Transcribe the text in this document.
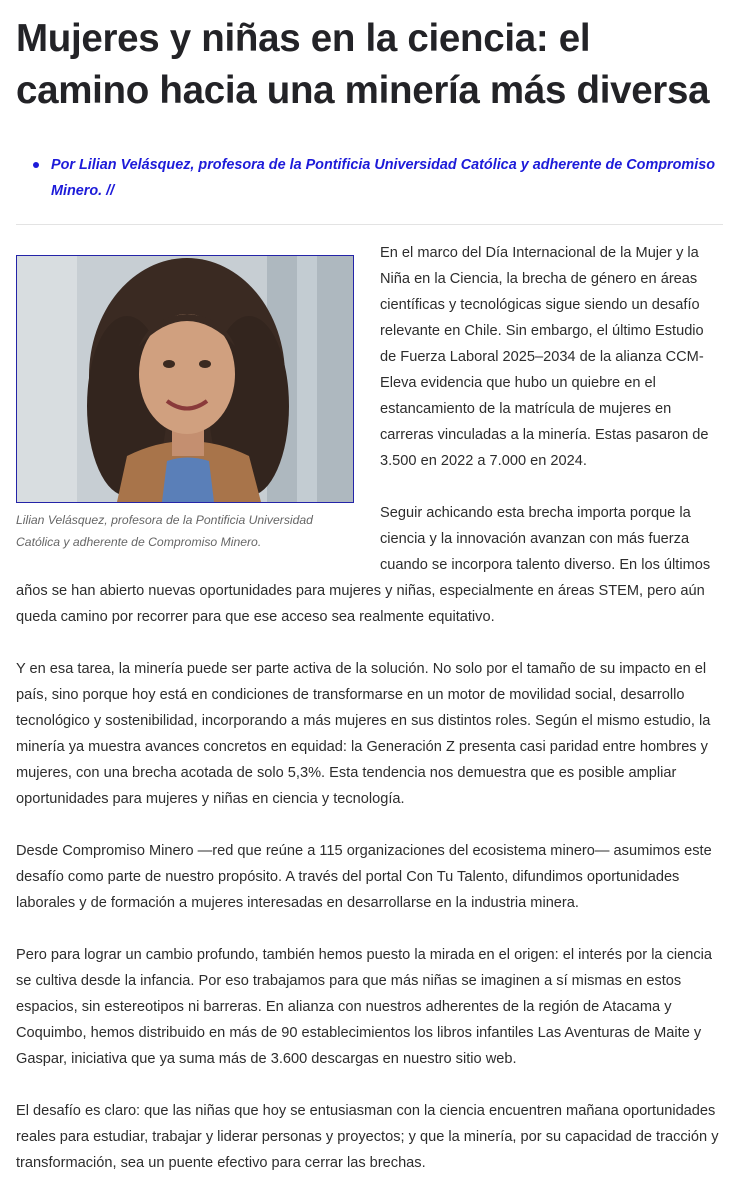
Mujeres y niñas en la ciencia: el camino hacia una minería más diversa
Por Lilian Velásquez, profesora de la Pontificia Universidad Católica y adherente de Compromiso Minero. //
Lilian Velásquez, profesora de la Pontificia Universidad Católica y adherente de Compromiso Minero.

En el marco del Día Internacional de la Mujer y la Niña en la Ciencia, la brecha de género en áreas científicas y tecnológicas sigue siendo un desafío relevante en Chile. Sin embargo, el último Estudio de Fuerza Laboral 2025–2034 de la alianza CCM-Eleva evidencia que hubo un quiebre en el estancamiento de la matrícula de mujeres en carreras vinculadas a la minería. Estas pasaron de 3.500 en 2022 a 7.000 en 2024.

Seguir achicando esta brecha importa porque la ciencia y la innovación avanzan con más fuerza cuando se incorpora talento diverso. En los últimos años se han abierto nuevas oportunidades para mujeres y niñas, especialmente en áreas STEM, pero aún queda camino por recorrer para que ese acceso sea realmente equitativo.

Y en esa tarea, la minería puede ser parte activa de la solución. No solo por el tamaño de su impacto en el país, sino porque hoy está en condiciones de transformarse en un motor de movilidad social, desarrollo tecnológico y sostenibilidad, incorporando a más mujeres en sus distintos roles. Según el mismo estudio, la minería ya muestra avances concretos en equidad: la Generación Z presenta casi paridad entre hombres y mujeres, con una brecha acotada de solo 5,3%. Esta tendencia nos demuestra que es posible ampliar oportunidades para mujeres y niñas en ciencia y tecnología.

Desde Compromiso Minero —red que reúne a 115 organizaciones del ecosistema minero— asumimos este desafío como parte de nuestro propósito. A través del portal Con Tu Talento, difundimos oportunidades laborales y de formación a mujeres interesadas en desarrollarse en la industria minera.

Pero para lograr un cambio profundo, también hemos puesto la mirada en el origen: el interés por la ciencia se cultiva desde la infancia. Por eso trabajamos para que más niñas se imaginen a sí mismas en estos espacios, sin estereotipos ni barreras. En alianza con nuestros adherentes de la región de Atacama y Coquimbo, hemos distribuido en más de 90 establecimientos los libros infantiles Las Aventuras de Maite y Gaspar, iniciativa que ya suma más de 3.600 descargas en nuestro sitio web.

El desafío es claro: que las niñas que hoy se entusiasman con la ciencia encuentren mañana oportunidades reales para estudiar, trabajar y liderar personas y proyectos; y que la minería, por su capacidad de tracción y transformación, sea un puente efectivo para cerrar las brechas.
